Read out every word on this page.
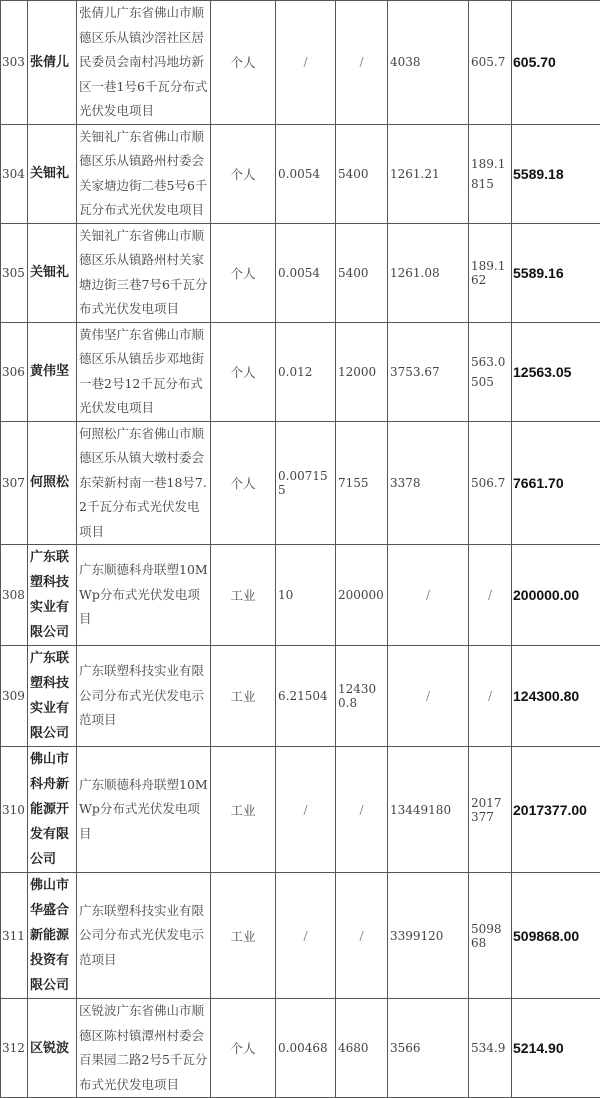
303	张倩儿	张倩儿广东省佛山市顺德区乐从镇沙滘社区居民委员会南村冯地坊新区一巷1号6千瓦分布式光伏发电项目	个人	/	/	4038	605.7	605.70
304	关钿礼	关钿礼广东省佛山市顺德区乐从镇路州村委会关家塘边街二巷5号6千瓦分布式光伏发电项目	个人	0.0054	5400	1261.21	189.1815	5589.18
305	关钿礼	关钿礼广东省佛山市顺德区乐从镇路州村关家塘边街三巷7号6千瓦分布式光伏发电项目	个人	0.0054	5400	1261.08	189.162	5589.16
306	黄伟坚	黄伟坚广东省佛山市顺德区乐从镇岳步邓地街一巷2号12千瓦分布式光伏发电项目	个人	0.012	12000	3753.67	563.0505	12563.05
307	何照松	何照松广东省佛山市顺德区乐从镇大墩村委会东荣新村南一巷18号7.2千瓦分布式光伏发电项目	个人	0.007155	7155	3378	506.7	7661.70
308	广东联塑科技实业有限公司	广东顺德科舟联塑10MWp分布式光伏发电项目	工业	10	200000	/	/	200000.00
309	广东联塑科技实业有限公司	广东联塑科技实业有限公司分布式光伏发电示范项目	工业	6.21504	124300.8	/	/	124300.80
310	佛山市科舟新能源开发有限公司	广东顺德科舟联塑10MWp分布式光伏发电项目	工业	/	/	13449180	2017377	2017377.00
311	佛山市华盛合新能源投资有限公司	广东联塑科技实业有限公司分布式光伏发电示范项目	工业	/	/	3399120	509868	509868.00
312	区锐波	区锐波广东省佛山市顺德区陈村镇潭州村委会百果园二路2号5千瓦分布式光伏发电项目	个人	0.00468	4680	3566	534.9	5214.90
